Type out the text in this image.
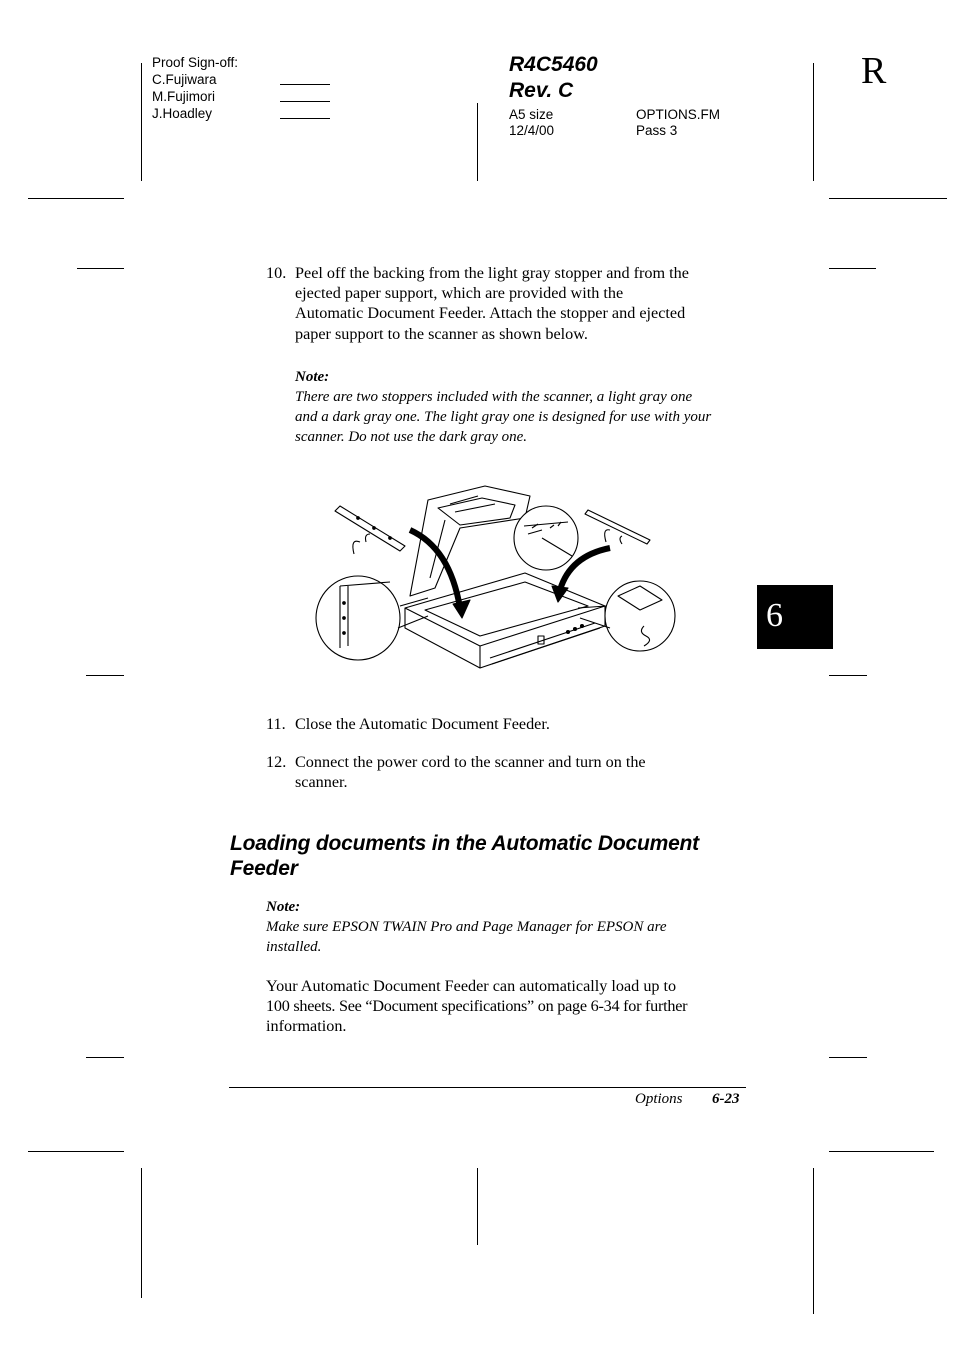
Proof Sign-off:
C.Fujiwara
M.Fujimori
J.Hoadley
R4C5460
Rev. C
A5 size
12/4/00
OPTIONS.FM
Pass 3
R
10. Peel off the backing from the light gray stopper and from the
ejected paper support, which are provided with the
Automatic Document Feeder. Attach the stopper and ejected
paper support to the scanner as shown below.
Note:
There are two stoppers included with the scanner, a light gray one
and a dark gray one. The light gray one is designed for use with your
scanner. Do not use the dark gray one.
6
11. Close the Automatic Document Feeder.
12. Connect the power cord to the scanner and turn on the
scanner.
Loading documents in the Automatic Document
Feeder
Note:
Make sure EPSON TWAIN Pro and Page Manager for EPSON are
installed.
Your Automatic Document Feeder can automatically load up to
100 sheets. See “Document specifications” on page 6-34 for further
information.
Options 6-23
